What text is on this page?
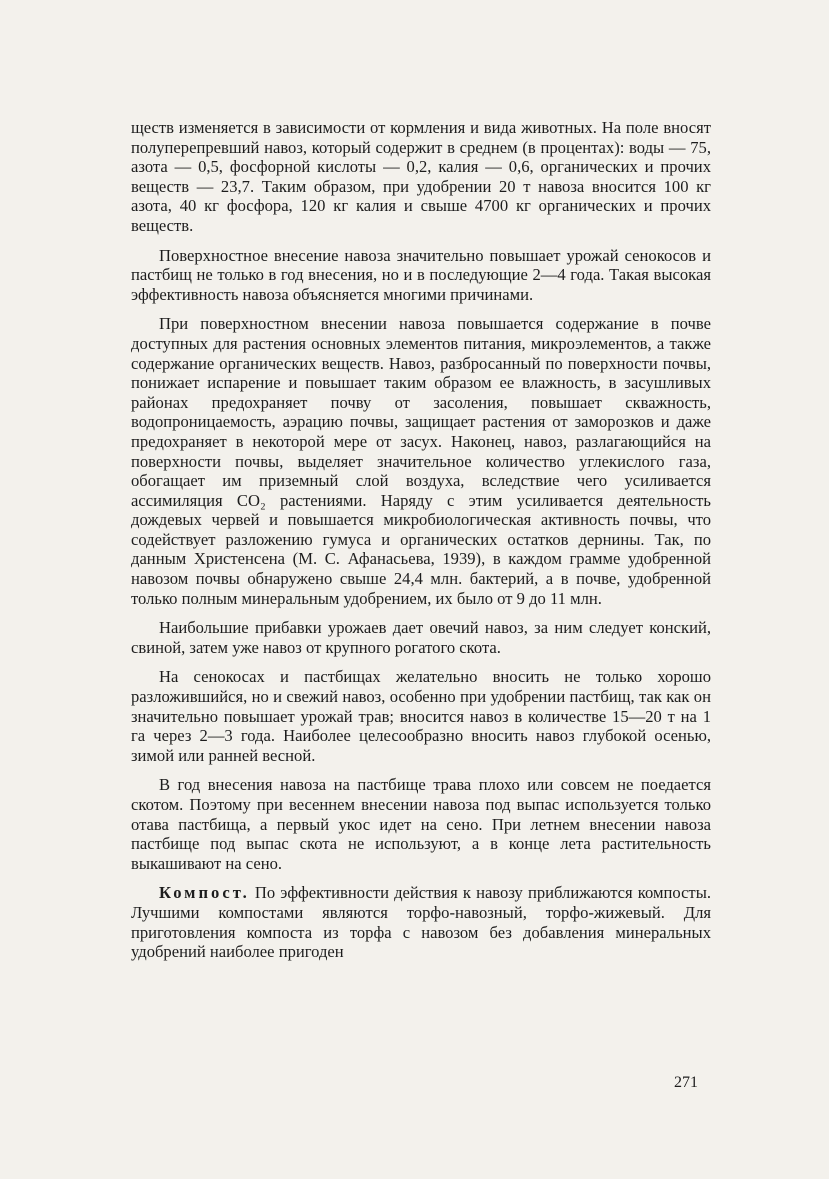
ществ изменяется в зависимости от кормления и вида животных. На поле вносят полуперепревший навоз, который содержит в среднем (в процентах): воды — 75, азота — 0,5, фосфорной кислоты — 0,2, калия — 0,6, органических и прочих веществ — 23,7. Таким образом, при удобрении 20 т навоза вносится 100 кг азота, 40 кг фосфора, 120 кг калия и свыше 4700 кг органических и прочих веществ.

Поверхностное внесение навоза значительно повышает урожай сенокосов и пастбищ не только в год внесения, но и в последующие 2—4 года. Такая высокая эффективность навоза объясняется многими причинами.

При поверхностном внесении навоза повышается содержание в почве доступных для растения основных элементов питания, микроэлементов, а также содержание органических веществ. Навоз, разбросанный по поверхности почвы, понижает испарение и повышает таким образом ее влажность, в засушливых районах предохраняет почву от засоления, повышает скважность, водопроницаемость, аэрацию почвы, защищает растения от заморозков и даже предохраняет в некоторой мере от засух. Наконец, навоз, разлагающийся на поверхности почвы, выделяет значительное количество углекислого газа, обогащает им приземный слой воздуха, вследствие чего усиливается ассимиляция СО₂ растениями. Наряду с этим усиливается деятельность дождевых червей и повышается микробиологическая активность почвы, что содействует разложению гумуса и органических остатков дернины. Так, по данным Христенсена (М. С. Афанасьева, 1939), в каждом грамме удобренной навозом почвы обнаружено свыше 24,4 млн. бактерий, а в почве, удобренной только полным минеральным удобрением, их было от 9 до 11 млн.

Наибольшие прибавки урожаев дает овечий навоз, за ним следует конский, свиной, затем уже навоз от крупного рогатого скота.

На сенокосах и пастбищах желательно вносить не только хорошо разложившийся, но и свежий навоз, особенно при удобрении пастбищ, так как он значительно повышает урожай трав; вносится навоз в количестве 15—20 т на 1 га через 2—3 года. Наиболее целесообразно вносить навоз глубокой осенью, зимой или ранней весной.

В год внесения навоза на пастбище трава плохо или совсем не поедается скотом. Поэтому при весеннем внесении навоза под выпас используется только отава пастбища, а первый укос идет на сено. При летнем внесении навоза пастбище под выпас скота не используют, а в конце лета растительность выкашивают на сено.

Компост. По эффективности действия к навозу приближаются компосты. Лучшими компостами являются торфо-навозный, торфо-жижевый. Для приготовления компоста из торфа с навозом без добавления минеральных удобрений наиболее пригоден

271
